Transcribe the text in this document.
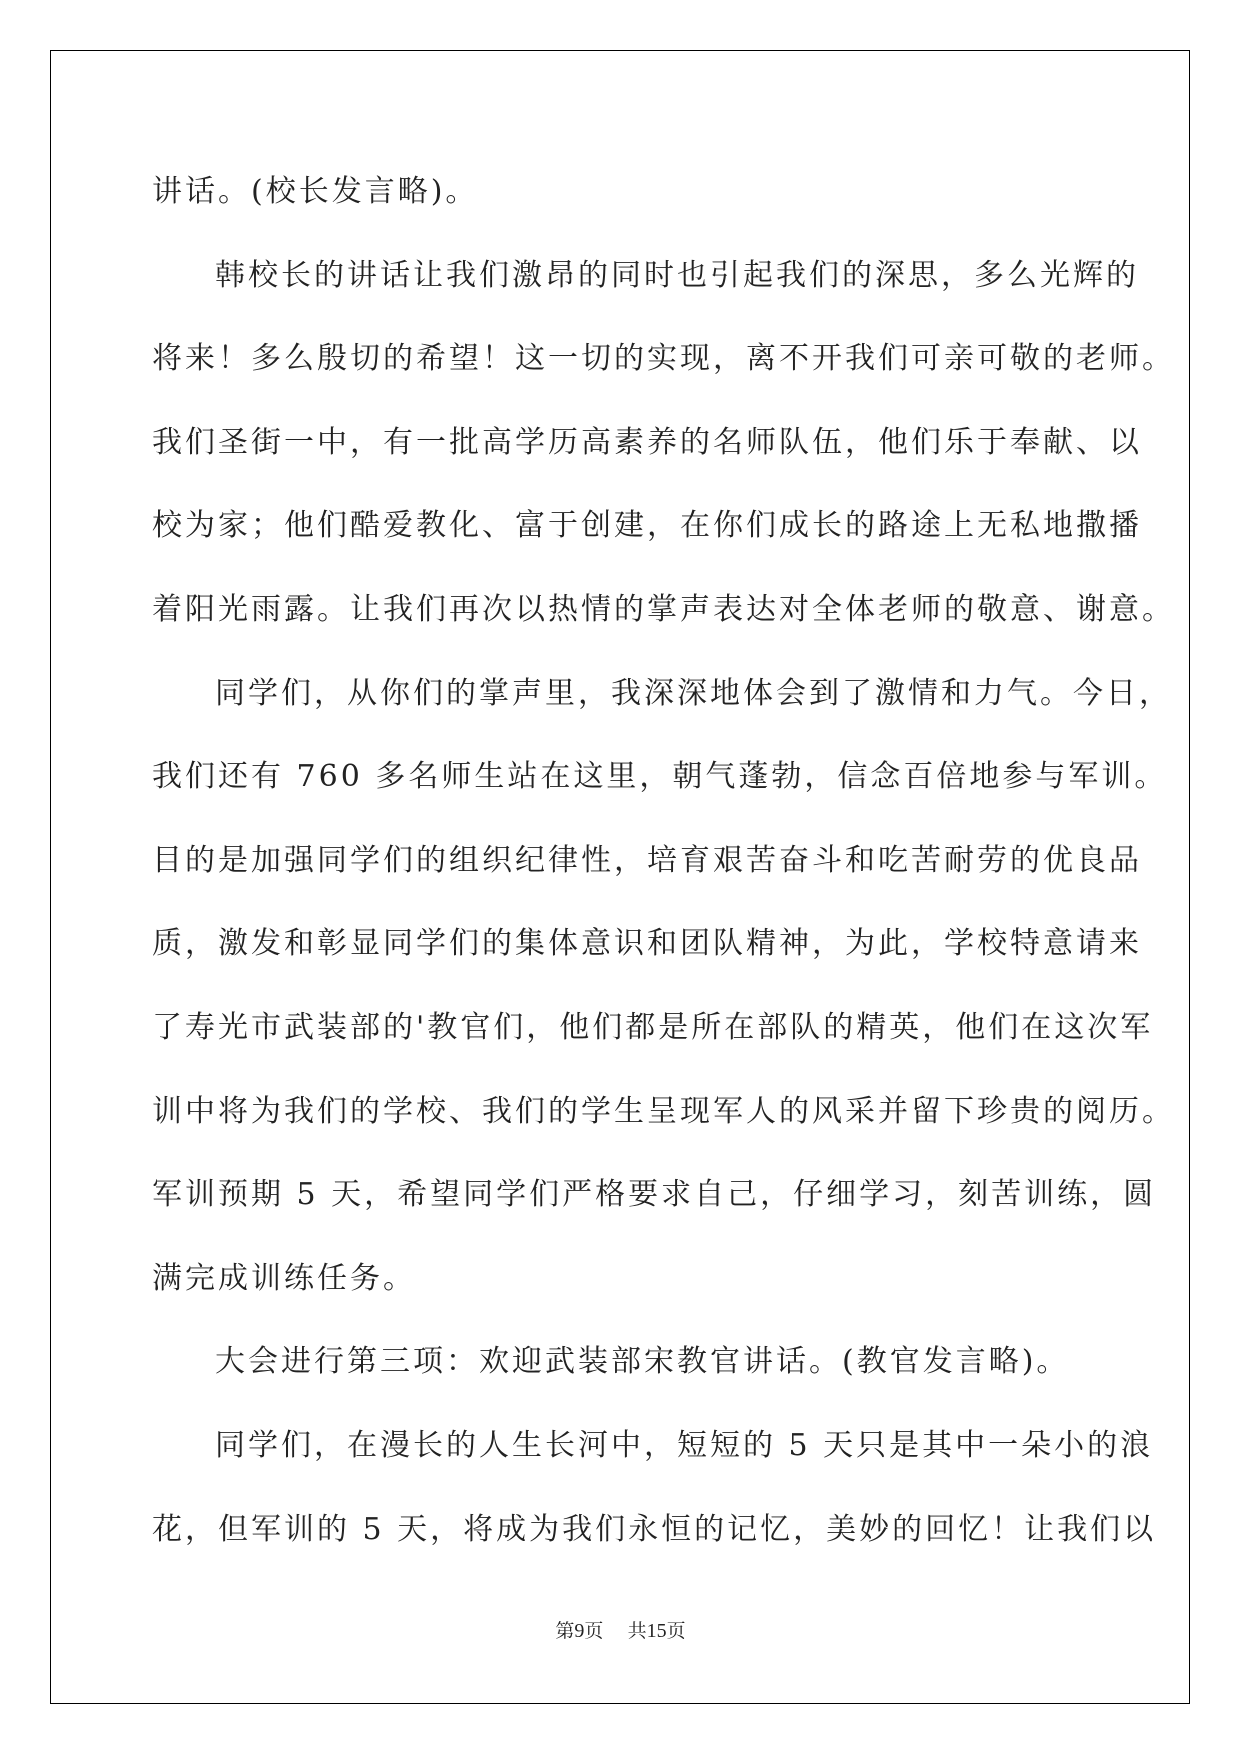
讲话。(校长发言略)。
韩校长的讲话让我们激昂的同时也引起我们的深思，多么光辉的
将来！多么殷切的希望！这一切的实现，离不开我们可亲可敬的老师。
我们圣街一中，有一批高学历高素养的名师队伍，他们乐于奉献、以
校为家；他们酷爱教化、富于创建，在你们成长的路途上无私地撒播
着阳光雨露。让我们再次以热情的掌声表达对全体老师的敬意、谢意。
同学们，从你们的掌声里，我深深地体会到了激情和力气。今日，
我们还有 760 多名师生站在这里，朝气蓬勃，信念百倍地参与军训。
目的是加强同学们的组织纪律性，培育艰苦奋斗和吃苦耐劳的优良品
质，激发和彰显同学们的集体意识和团队精神，为此，学校特意请来
了寿光市武装部的'教官们，他们都是所在部队的精英，他们在这次军
训中将为我们的学校、我们的学生呈现军人的风采并留下珍贵的阅历。
军训预期 5 天，希望同学们严格要求自己，仔细学习，刻苦训练，圆
满完成训练任务。
大会进行第三项：欢迎武装部宋教官讲话。(教官发言略)。
同学们，在漫长的人生长河中，短短的 5 天只是其中一朵小的浪
花，但军训的 5 天，将成为我们永恒的记忆，美妙的回忆！让我们以
第9页 共15页
